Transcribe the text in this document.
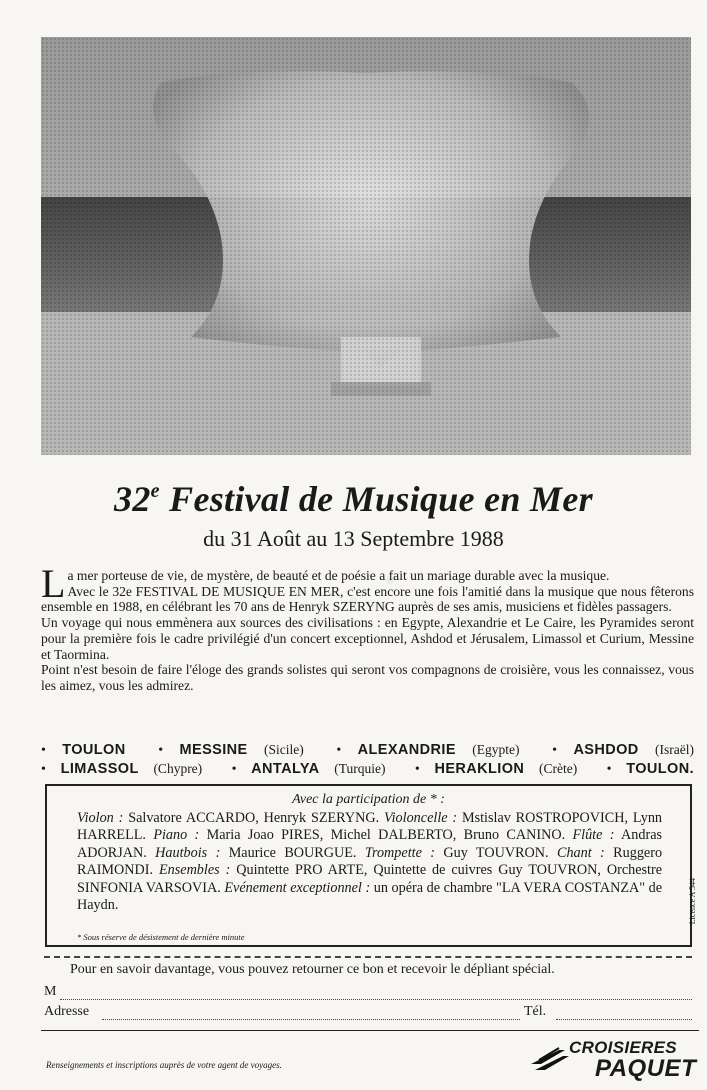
32e Festival de Musique en Mer
du 31 Août au 13 Septembre 1988
L a mer porteuse de vie, de mystère, de beauté et de poésie a fait un mariage durable avec la musique.

Avec le 32e FESTIVAL DE MUSIQUE EN MER, c'est encore une fois l'amitié dans la musique que nous fêterons ensemble en 1988, en célébrant les 70 ans de Henryk SZERYNG auprès de ses amis, musiciens et fidèles passagers.

Un voyage qui nous emmènera aux sources des civilisations : en Egypte, Alexandrie et Le Caire, les Pyramides seront pour la première fois le cadre privilégié d'un concert exceptionnel, Ashdod et Jérusalem, Limassol et Curium, Messine et Taormina.

Point n'est besoin de faire l'éloge des grands solistes qui seront vos compagnons de croisière, vous les connaissez, vous les aimez, vous les admirez.

• TOULON  • MESSINE (Sicile)  • ALEXANDRIE (Egypte)  • ASHDOD (Israël)
• LIMASSOL (Chypre)  • ANTALYA (Turquie)  • HERAKLION (Crète)  • TOULON.
Avec la participation de * :
Violon : Salvatore ACCARDO, Henryk SZERYNG. Violoncelle : Mstislav ROSTROPOVICH, Lynn HARRELL. Piano : Maria Joao PIRES, Michel DALBERTO, Bruno CANINO. Flûte : Andras ADORJAN. Hautbois : Maurice BOURGUE. Trompette : Guy TOUVRON. Chant : Ruggero RAIMONDI. Ensembles : Quintette PRO ARTE, Quintette de cuivres Guy TOUVRON, Orchestre SINFONIA VARSOVIA. Evénement exceptionnel : un opéra de chambre "LA VERA COSTANZA" de Haydn.
* Sous réserve de désistement de dernière minute
Licence A 544
Pour en savoir davantage, vous pouvez retourner ce bon et recevoir le dépliant spécial.
M
Adresse	Tél.
Renseignements et inscriptions auprès de votre agent de voyages.
CROISIERES
PAQUET
